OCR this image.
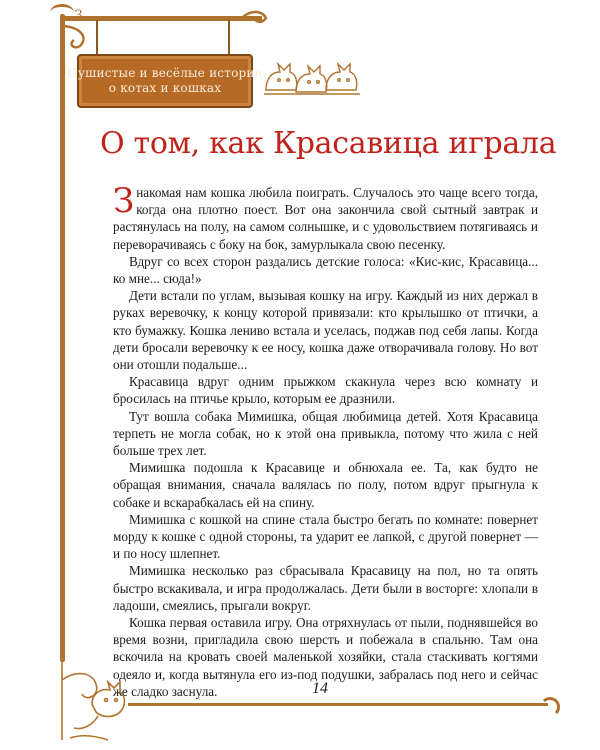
3
Пушистые и весёлые истории
о котах и кошках
О том, как Красавица играла

Знакомая нам кошка любила поиграть. Случалось это чаще всего тогда, когда она плотно поест. Вот она закончила свой сытный завтрак и растянулась на полу, на самом солнышке, и с удовольствием потягиваясь и переворачиваясь с боку на бок, замурлыкала свою песенку.

Вдруг со всех сторон раздались детские голоса: «Кис-кис, Красавица... ко мне... сюда!»

Дети встали по углам, вызывая кошку на игру. Каждый из них держал в руках веревочку, к концу которой привязали: кто крылышко от птички, а кто бумажку. Кошка лениво встала и уселась, поджав под себя лапы. Когда дети бросали веревочку к ее носу, кошка даже отворачивала голову. Но вот они отошли подальше...

Красавица вдруг одним прыжком скакнула через всю комнату и бросилась на птичье крыло, которым ее дразнили.

Тут вошла собака Мимишка, общая любимица детей. Хотя Красавица терпеть не могла собак, но к этой она привыкла, потому что жила с ней больше трех лет.

Мимишка подошла к Красавице и обнюхала ее. Та, как будто не обращая внимания, сначала валялась по полу, потом вдруг прыгнула к собаке и вскарабкалась ей на спину.

Мимишка с кошкой на спине стала быстро бегать по комнате: повернет морду к кошке с одной стороны, та ударит ее лапкой, с другой повернет — и по носу шлепнет.

Мимишка несколько раз сбрасывала Красавицу на пол, но та опять быстро вскакивала, и игра продолжалась. Дети были в восторге: хлопали в ладоши, смеялись, прыгали вокруг.

Кошка первая оставила игру. Она отряхнулась от пыли, поднявшейся во время возни, пригладила свою шерсть и побежала в спальню. Там она вскочила на кровать своей маленькой хозяйки, стала стаскивать когтями одеяло и, когда вытянула его из-под подушки, забралась под него и сейчас же сладко заснула.	14
